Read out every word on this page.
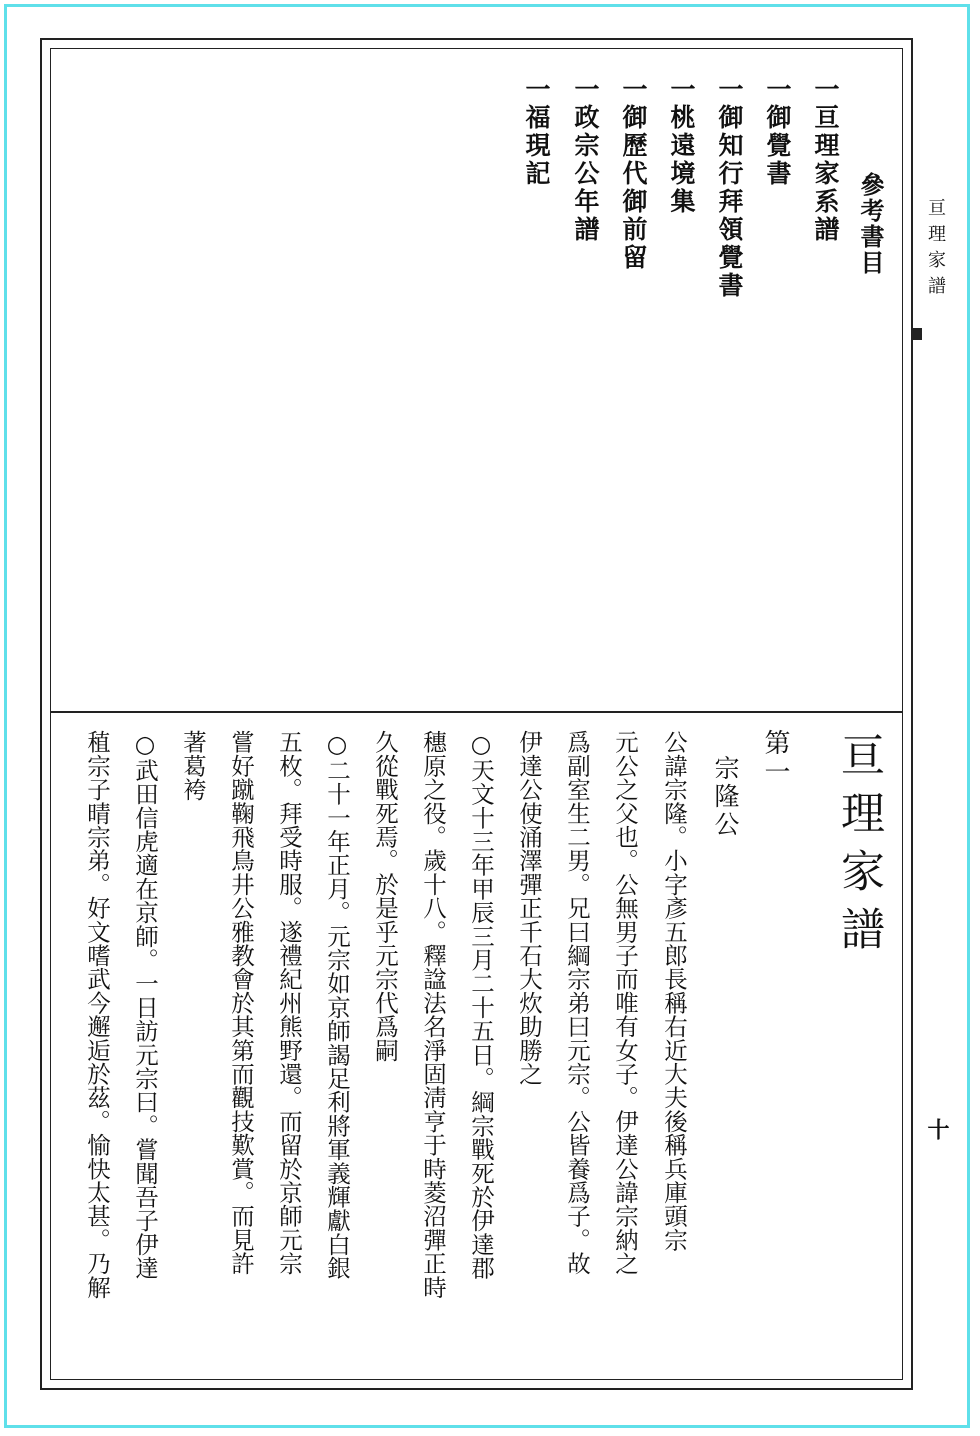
亘理家譜
十
參考書目
一亘理家系譜
一御覺書
一御知行拜領覺書
一桃遠境集
一御歷代御前留
一政宗公年譜
一福現記
亘理家譜
第一
宗隆公
公諱宗隆。小字彥五郎長稱右近大夫後稱兵庫頭宗
元公之父也。公無男子而唯有女子。伊達公諱宗納之
爲副室生二男。兄曰綱宗弟曰元宗。公皆養爲子。故
伊達公使涌澤彈正千石大炊助勝之
○天文十三年甲辰三月二十五日。綱宗戰死於伊達郡
穗原之役。歲十八。釋諡法名淨固淸亨于時菱沼彈正時
久從戰死焉。於是乎元宗代爲嗣
○二十一年正月。元宗如京師謁足利將軍義輝獻白銀
五枚。拜受時服。遂禮紀州熊野還。而留於京師元宗
嘗好蹴鞠飛鳥井公雅教會於其第而觀技歎賞。而見許
著葛袴
○武田信虎適在京師。一日訪元宗曰。嘗聞吾子伊達
稙宗子晴宗弟。好文嗜武今邂逅於茲。愉快太甚。乃解
